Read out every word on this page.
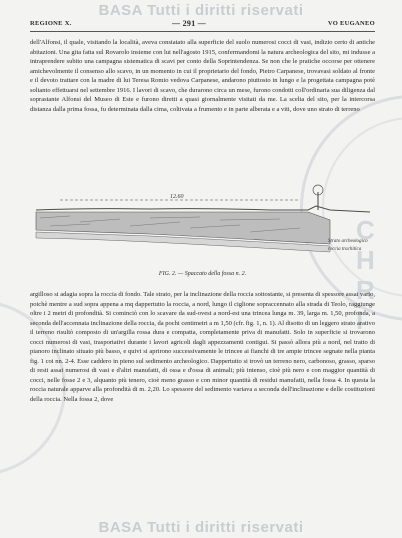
BASA Tutti i diritti riservati
C
H
R
I
REGIONE X.	— 291 —	VO EUGANEO

dell'Alfonsi, il quale, visitando la località, aveva constatato alla superficie del suolo numerosi cocci di vasi, indizio certo di antiche abitazioni. Una gita fatta sul Rovarolo insieme con lui nell'agosto 1915, confermandomi la natura archeologica del sito, mi indusse a intraprendere subito una campagna sistematica di scavi per conto della Soprintendenza. Se non che le pratiche occorse per ottenere amichevolmente il consenso allo scavo, in un momento in cui il proprietario del fondo, Pietro Carpanese, trovavasi soldato al fronte e il devoto trattare con la madre di lui Teresa Romio vedova Carpanese, andarono piuttosto in lungo e la progettata campagna potè soltanto effettuarsi nel settembre 1916. I lavori di scavo, che durarono circa un mese, furono condotti coll'ordinaria sua diligenza dal soprastante Alfonsi del Museo di Este e furono diretti a quasi giornalmente visitati da me. La scelta del sito, per la intercorsa distanza dalla prima fossa, fu determinata dalla cima, coltivata a frumento e in parte alberata e a viti, dove uno strato di terreno

12.60
Strato archeologico
roccia trachitica
FIG. 2. — Spaccato della fossa n. 2.

argilloso si adagia sopra la roccia di fondo. Tale strato, per la inclinazione della roccia sottostante, si presenta di spessore assai vario, poichè mentre a sud sopra appena a mq dappertutto la roccia, a nord, lungo il ciglione sopraccennato alla strada di Teolo, raggiunge oltre i 2 metri di profondità. Si cominciò con lo scavare da sud-ovest a nord-est una trincea lunga m. 39, larga m. 1,50, profonda, a seconda dell'accennata inclinazione della roccia, da pochi centimetri a m 1,50 (cfr. fig. 1, n. 1). Al disotto di un leggero strato arativo il terreno risultò composto di un'argilla rossa dura e compatta, completamente priva di manufatti. Solo in superficie si trovarono cocci numerosi di vasi, trasportativi durante i lavori agricoli dagli appezzamenti contigui. Si passò allora più a nord, nel tratto di pianoro inclinato situato più basso, e quivi si aprirono successivamente le trincee ai fianchi di tre ampie trincee segnate nella pianta fig. 1 coi nn. 2-4. Esse caddero in pieno sul sedimento archeologico. Dappertutto si trovò un terreno nero, carbonoso, grasso, sparso di resti assai numerosi di vasi e d'altri manufatti, di ossa e d'ossa di animali; più intenso, cioè più nero e con maggior quantità di cocci, nelle fosse 2 e 3, alquanto più tenero, cioè meno grasso e con minor quantità di residui manufatti, nella fossa 4. In questa la roccia naturale apparve alla profondità di m. 2,20. Lo spessore del sedimento variava a seconda dell'inclinazione e delle costituzioni della roccia. Nella fossa 2, dove

BASA Tutti i diritti riservati
